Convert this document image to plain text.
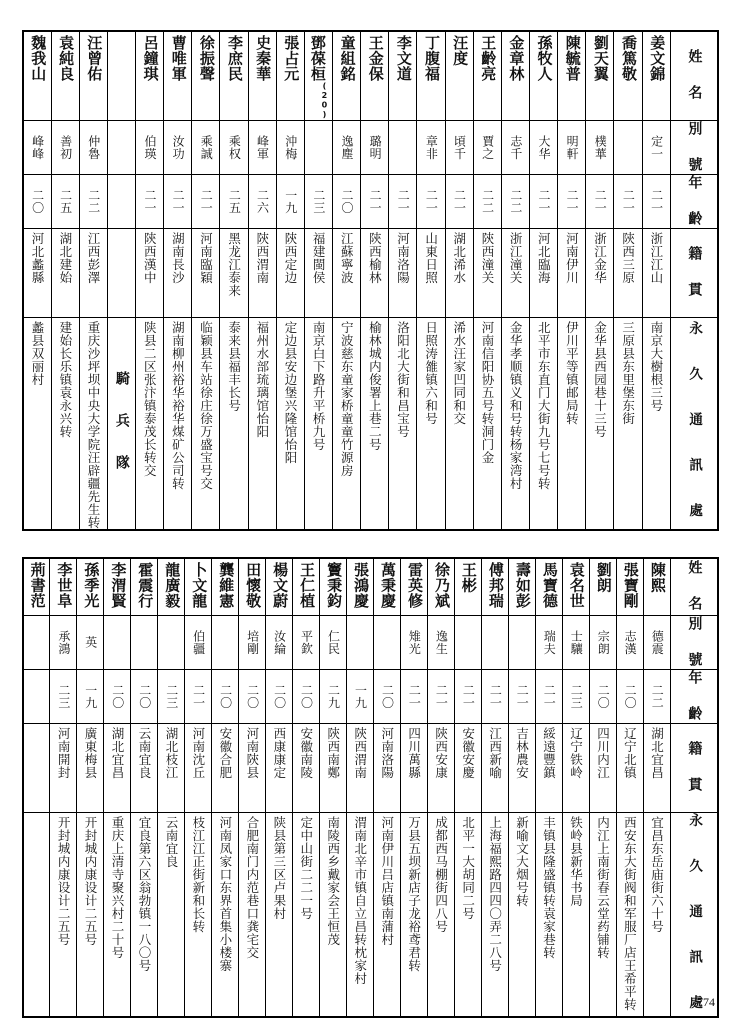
魏我山	袁純良	汪曾佑		呂鐘琪	曹唯軍	徐振聲	李庶民	史秦華	張占元	鄧葆桓$^{(20)}$	童組銘	王金保	李文道	丁腹福	汪度	王齡亮	金章林	孫牧人	陳毓普	劉天翼	喬篤敬	姜文錦	姓 名

峰峰	善初	仲魯		伯瑛	汝功	乘誠	乘权	峰軍	沖梅		逸塵	璐明		章非	頃千	賈之	志千	大华	明軒	樸華		定一	別 號

二〇	二五	二二		二一	二一	二一	二五	二六	一九	二三	二〇	二一	二一	二一	二一	二二	二二	二一	二一	二一	二一	二一	年 齡

河北蠡縣	湖北建始	江西彭澤		陝西漢中	湖南長沙	河南臨穎	黑龙江泰来	陝西渭南	陝西定边	福建閩侯	江蘇寧波	陝西榆林	河南洛陽	山東日照	湖北浠水	陝西潼关	浙江潼关	河北臨海	河南伊川	浙江金华	陝西三原	浙江江山	籍 貫

蠡县双丽村	建始长乐镇袁永兴转	重庆沙坪坝中央大学院汪辟疆先生转	騎 兵 隊	陕县二区张汴镇泰茂长转交	湖南柳州裕华裕华煤矿公司转	临颖县车站徐庄徐万盛宝号交	泰来县福丰长号	福州水部琉璃馆怡阳	定边县安边堡兴隆馆怡阳	南京白下路升平桥九号	宁波慈东童家桥童童竹源房	榆林城内俊署上巷二号	洛阳北大街和昌宝号	日照涛雒镇六和号	浠水汪家凹同和交	河南信阳协五号转洞门金	金华孝顺镇义和号转杨家湾村	北平市东直门大街九号七号转	伊川平等镇邮局转	金华县西园巷十三号	三原县东里堡东街	南京大樹根三号	永 久 通 訊 處
荊書范	李世阜	孫季光	李渭賢	霍震行	龍廣毅	卜文龍	龔維憲	田懷敬	楊文蔚	王仁植	竇秉鈞	張鴻慶	萬秉慶	雷英修	徐乃斌	王彬	傅邦瑞	壽如彭	馬寶德	袁名世	劉朗	張寶剛	陳熙	姓 名

	承鴻	英				伯疆		培剛	汝綸	平欽	仁民			雉光	逸生				瑞夫	士驤	宗朗	志漢	德震	別 號

	二三	一九	二〇	二〇	二三	二一	二〇	二〇	二〇	二〇	二九	一九	二〇	二一	二一	二一	二一	二一	二一	二三	二〇	二〇	二二	年 齡

	河南開封	廣東梅县	湖北宜昌	云南宜良	湖北枝江	河南沈丘	安徽合肥	河南陝县	西康康定	安徽南陵	陝西南鄭	陝西渭南	河南洛陽	四川萬縣	陝西安康	安徽安慶	江西新喻	吉林農安	綏遠豐鎮	辽宁铁岭	四川内江	辽宁北镇	湖北宜昌	籍 貫

	开封城内康设计二五号	开封城内康设计二五号	重庆上清寺聚兴村二十号	宜良第六区翁勃镇一八〇号	云南宜良	枝江江正街新和长转	河南凤家口东界首集小楼寨	合肥南门内范巷口龚宅交	陕县第三区卢果村	定中山街二二一号	南陵西乡戴家会王恒茂	渭南北辛市镇自立昌转枕家村	河南伊川吕店镇南蒲村	万县五坝新店子龙裕鸢君转	成都西马棚街四八号	北平一大胡同二号	上海福熙路四四〇弄二八号	新喻文大烟号转	丰镇县隆盛镇转袁家巷转	铁岭县新华书局	内江上南街春云堂药铺转	西安东大街阀和军服厂店王希平转	宜昌东岳庙街六十号	永 久 通 訊 處
774
